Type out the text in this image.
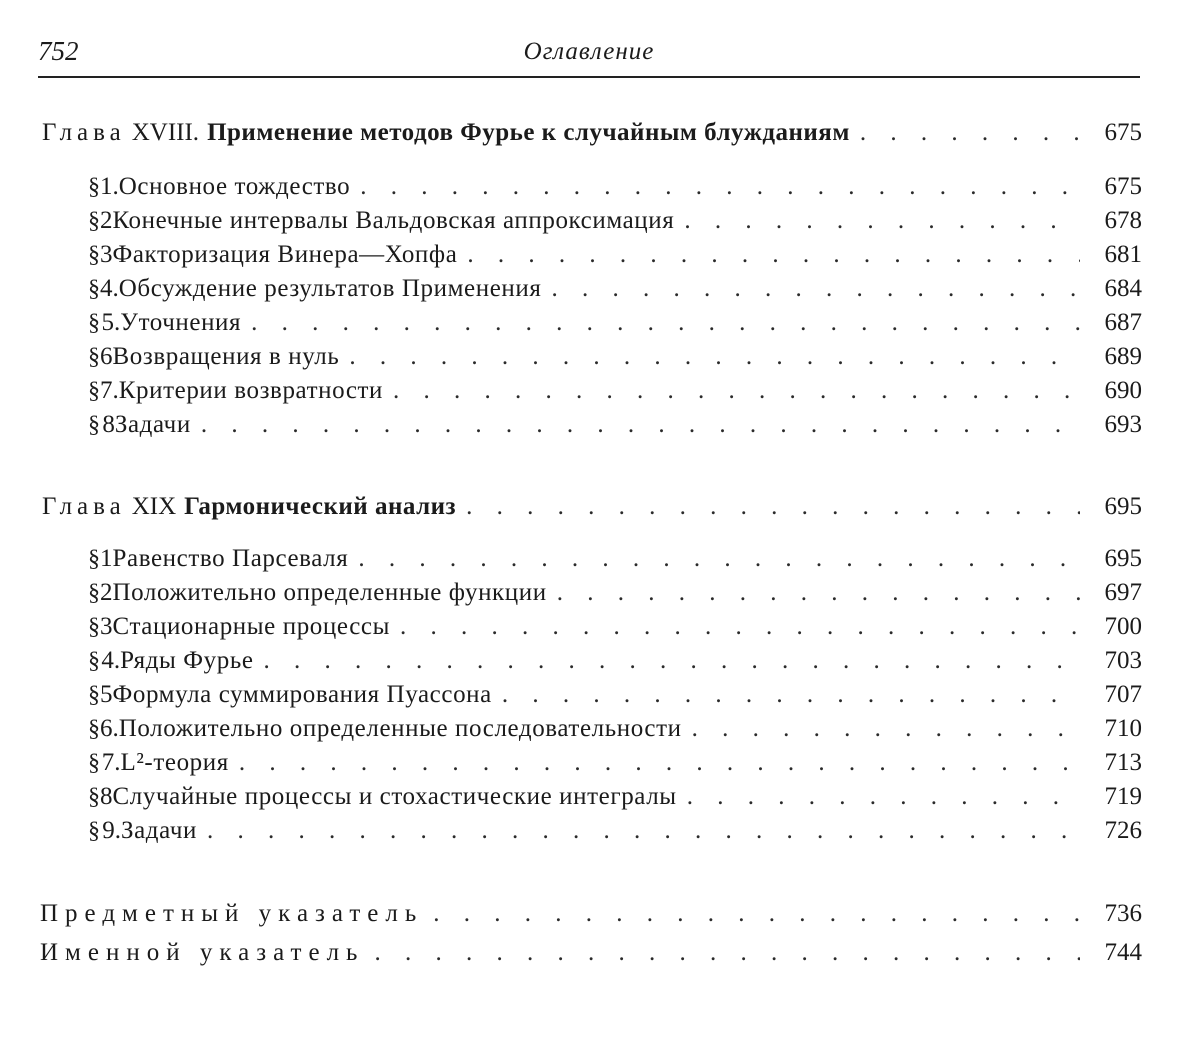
752	Оглавление
Глава XVIII. Применение методов Фурье к случайным блужданиям . . .	675
§ 1. Основное тождество . . .	675
§ 2 Конечные интервалы Вальдовская аппроксимация . . .	678
§ 3 Факторизация Винера—Хопфа . . .	681
§ 4. Обсуждение результатов Применения . . .	684
§ 5. Уточнения . . .	687
§ 6 Возвращения в нуль . . .	689
§ 7. Критерии возвратности . . .	690
§ 8 Задачи . . .	693
Глава XIX Гармонический анализ . . .	695
§ 1 Равенство Парсеваля . . .	695
§ 2 Положительно определенные функции . . .	697
§ 3 Стационарные процессы . . .	700
§ 4. Ряды Фурье . . .	703
§ 5 Формула суммирования Пуассона . . .	707
§ 6. Положительно определенные последовательности . . .	710
§ 7. L²-теория . . .	713
§ 8 Случайные процессы и стохастические интегралы . . .	719
§ 9. Задачи . . .	726
Предметный указатель . . .	736
Именной указатель . . .	744
